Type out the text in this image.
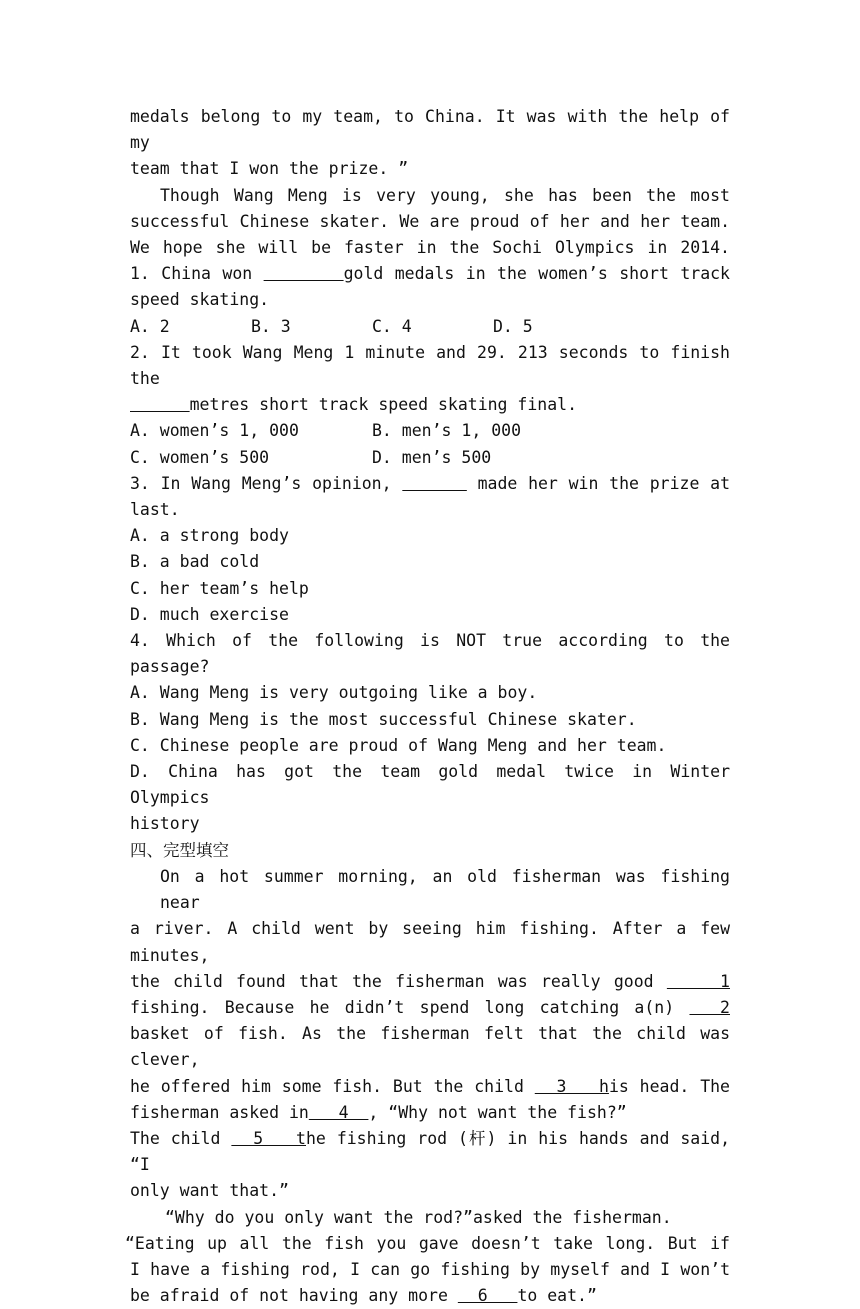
medals belong to my team, to China. It was with the help of my
team that I won the prize. ”
Though Wang Meng is very young, she has been the most
successful Chinese skater. We are proud of her and her team.
We hope she will be faster in the Sochi Olympics in 2014.
1. China won	gold medals in the women’s short track
speed skating.
A. 2	B. 3	C. 4	D. 5
2. It took Wang Meng 1 minute and 29. 213 seconds to finish the
metres short track speed skating final.
A. women’s 1, 000	B. men’s 1, 000
C. women’s 500	D. men’s 500
3. In Wang Meng’s opinion,	made her win the prize at
last.
A. a strong body
B. a bad cold
C. her team’s help
D. much exercise
4. Which of the following is NOT true according to the passage?
A. Wang Meng is very outgoing like a boy.
B. Wang Meng is the most successful Chinese skater.
C. Chinese people are proud of Wang Meng and her team.
D. China has got the team gold medal twice in Winter Olympics
history
四、完型填空
On a hot summer morning, an old fisherman was fishing near
a river. A child went by seeing him fishing. After a few minutes,
the child found that the fisherman was really good     1
fishing. Because he didn’t spend long catching a(n)   2
basket of fish. As the fisherman felt that the child was clever,
he offered him some fish. But the child   3   his head. The
fisherman asked in   4  , “Why not want the fish?”
The child   5   the fishing rod (杆) in his hands and said, “I
only want that.”
“Why do you only want the rod?”asked the fisherman.
“Eating up all the fish you gave doesn’t take long. But if
I have a fishing rod, I can go fishing by myself and I won’t
be afraid of not having any more   6   to eat.”
